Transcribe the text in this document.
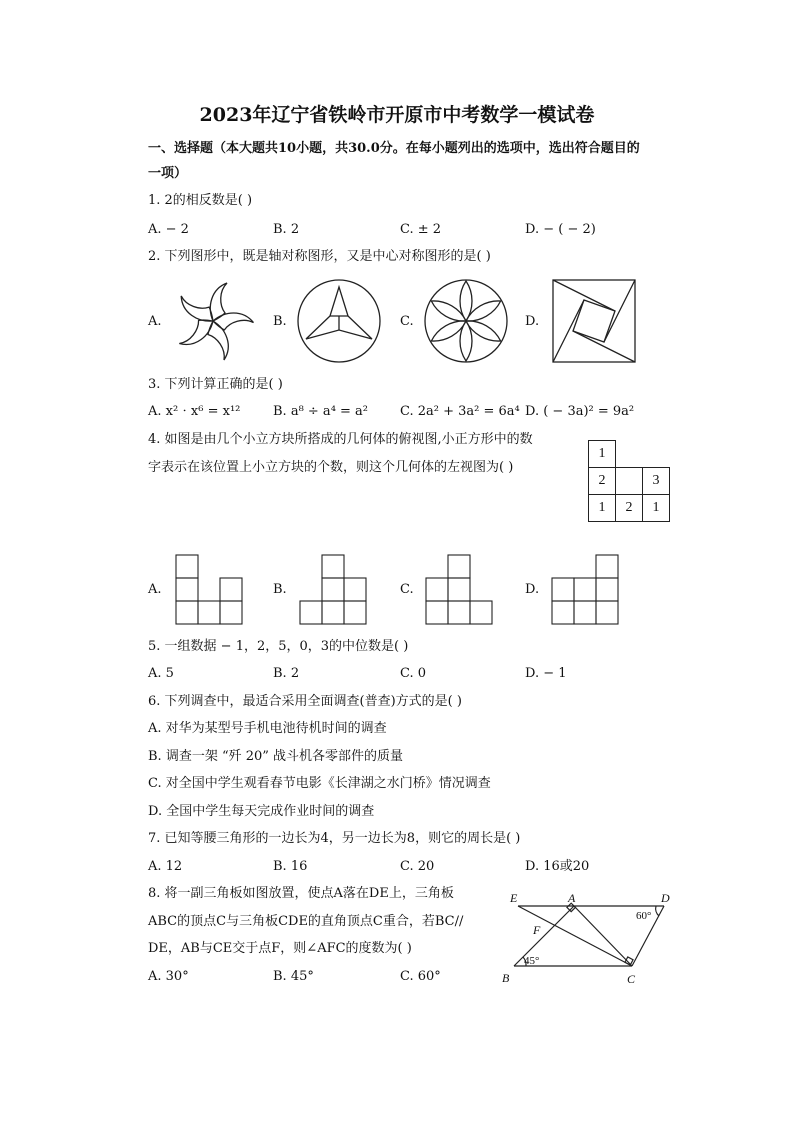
2023年辽宁省铁岭市开原市中考数学一模试卷
一、选择题（本大题共10小题，共30.0分。在每小题列出的选项中，选出符合题目的
一项）
1. 2的相反数是( )
A. − 2	B. 2	C. ± 2	D. − ( − 2)
2. 下列图形中，既是轴对称图形，又是中心对称图形的是( )
A.	B.	C.	D.
3. 下列计算正确的是( )
A. x² ⋅ x⁶ = x¹²	B. a⁸ ÷ a⁴ = a² C. 2a² + 3a² = 6a⁴ D. ( − 3a)² = 9a²
4. 如图是由几个小立方块所搭成的几何体的俯视图,小正方形中的数
字表示在该位置上小立方块的个数，则这个几何体的左视图为( )
1		
2		3
1	2	1
A.	B.	C.	D.
5. 一组数据 − 1，2，5，0，3的中位数是( )
A. 5	B. 2	C. 0	D. − 1
6. 下列调查中，最适合采用全面调查(普查)方式的是( )
A. 对华为某型号手机电池待机时间的调查
B. 调查一架 “歼 20” 战斗机各零部件的质量
C. 对全国中学生观看春节电影《长津湖之水门桥》情况调查
D. 全国中学生每天完成作业时间的调查
7. 已知等腰三角形的一边长为4，另一边长为8，则它的周长是( )
A. 12	B. 16	C. 20	D. 16或20
8. 将一副三角板如图放置，使点A落在DE上，三角板
ABC的顶点C与三角板CDE的直角顶点C重合，若BC//
DE，AB与CE交于点F，则∠AFC的度数为( )
A. 30°	B. 45°	C. 60°
E	A	D
F
B	C
60°
45°
